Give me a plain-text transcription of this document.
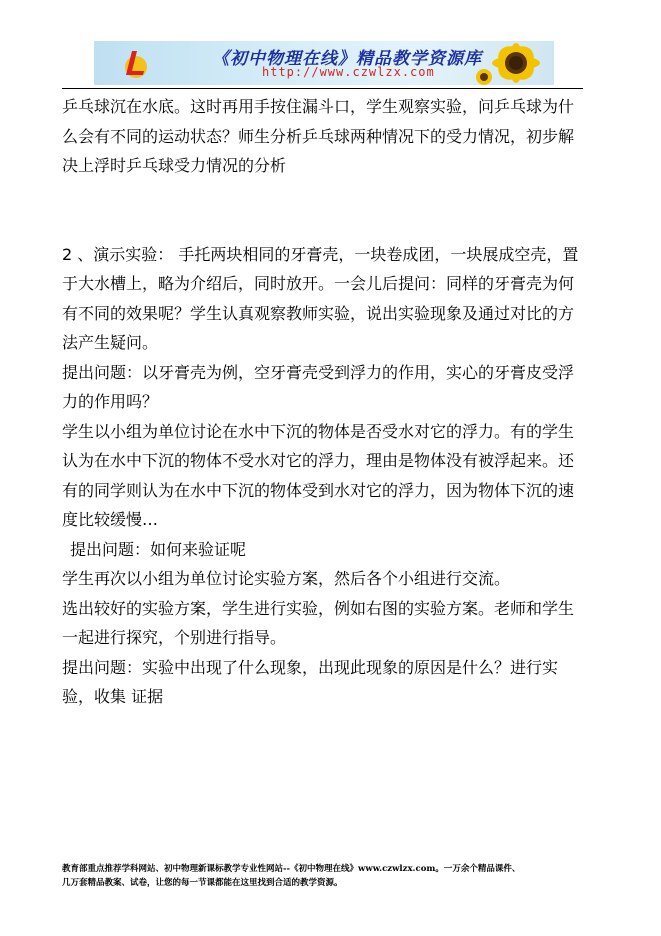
《初中物理在线》精品教学资源库
http://www.czwlzx.com

乒乓球沉在水底。这时再用手按住漏斗口，学生观察实验，问乒乓球为什么会有不同的运动状态？师生分析乒乓球两种情况下的受力情况，初步解决上浮时乒乓球受力情况的分析

2 、演示实验： 手托两块相同的牙膏壳，一块卷成团，一块展成空壳，置于大水槽上，略为介绍后，同时放开。一会儿后提问：同样的牙膏壳为何有不同的效果呢？学生认真观察教师实验，说出实验现象及通过对比的方法产生疑问。

提出问题：以牙膏壳为例，空牙膏壳受到浮力的作用，实心的牙膏皮受浮力的作用吗？

学生以小组为单位讨论在水中下沉的物体是否受水对它的浮力。有的学生认为在水中下沉的物体不受水对它的浮力，理由是物体没有被浮起来。还有的同学则认为在水中下沉的物体受到水对它的浮力，因为物体下沉的速度比较缓慢…

提出问题：如何来验证呢

学生再次以小组为单位讨论实验方案，然后各个小组进行交流。

选出较好的实验方案，学生进行实验，例如右图的实验方案。老师和学生一起进行探究，个别进行指导。

提出问题：实验中出现了什么现象，出现此现象的原因是什么？进行实验，收集 证据

教育部重点推荐学科网站、初中物理新课标教学专业性网站--《初中物理在线》www.czwlzx.com。一万余个精品课件、

几万套精品教案、试卷，让您的每一节课都能在这里找到合适的教学资源。
